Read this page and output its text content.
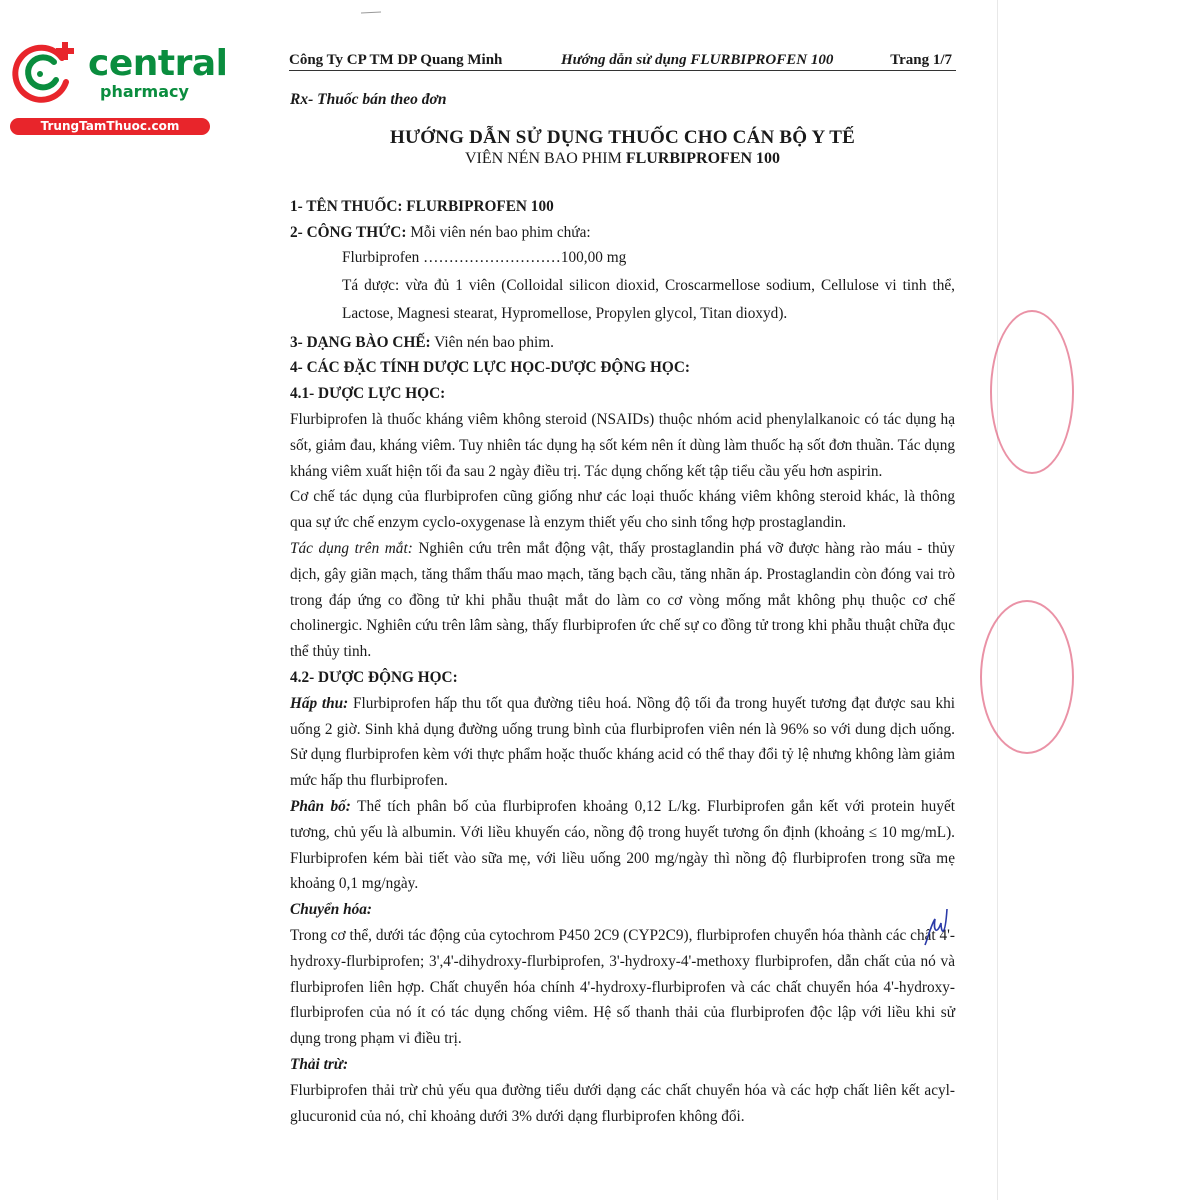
central
pharmacy
TrungTamThuoc.com
Công Ty CP TM DP Quang Minh	Hướng dẫn sử dụng FLURBIPROFEN 100	Trang 1/7
Rx- Thuốc bán theo đơn
HƯỚNG DẪN SỬ DỤNG THUỐC CHO CÁN BỘ Y TẾ
VIÊN NÉN BAO PHIM FLURBIPROFEN 100

1- TÊN THUỐC: FLURBIPROFEN 100

2- CÔNG THỨC: Mỗi viên nén bao phim chứa:

Flurbiprofen ………………………100,00 mg

Tá dược: vừa đủ 1 viên (Colloidal silicon dioxid, Croscarmellose sodium, Cellulose vi tinh thể, Lactose, Magnesi stearat, Hypromellose, Propylen glycol, Titan dioxyd).

3- DẠNG BÀO CHẾ: Viên nén bao phim.

4- CÁC ĐẶC TÍNH DƯỢC LỰC HỌC-DƯỢC ĐỘNG HỌC:

4.1- DƯỢC LỰC HỌC:

Flurbiprofen là thuốc kháng viêm không steroid (NSAIDs) thuộc nhóm acid phenylalkanoic có tác dụng hạ sốt, giảm đau, kháng viêm. Tuy nhiên tác dụng hạ sốt kém nên ít dùng làm thuốc hạ sốt đơn thuần. Tác dụng kháng viêm xuất hiện tối đa sau 2 ngày điều trị. Tác dụng chống kết tập tiểu cầu yếu hơn aspirin.

Cơ chế tác dụng của flurbiprofen cũng giống như các loại thuốc kháng viêm không steroid khác, là thông qua sự ức chế enzym cyclo-oxygenase là enzym thiết yếu cho sinh tổng hợp prostaglandin.

Tác dụng trên mắt: Nghiên cứu trên mắt động vật, thấy prostaglandin phá vỡ được hàng rào máu - thủy dịch, gây giãn mạch, tăng thẩm thấu mao mạch, tăng bạch cầu, tăng nhãn áp. Prostaglandin còn đóng vai trò trong đáp ứng co đồng tử khi phẫu thuật mắt do làm co cơ vòng mống mắt không phụ thuộc cơ chế cholinergic. Nghiên cứu trên lâm sàng, thấy flurbiprofen ức chế sự co đồng tử trong khi phẫu thuật chữa đục thể thủy tinh.

4.2- DƯỢC ĐỘNG HỌC:

Hấp thu: Flurbiprofen hấp thu tốt qua đường tiêu hoá. Nồng độ tối đa trong huyết tương đạt được sau khi uống 2 giờ. Sinh khả dụng đường uống trung bình của flurbiprofen viên nén là 96% so với dung dịch uống. Sử dụng flurbiprofen kèm với thực phẩm hoặc thuốc kháng acid có thể thay đổi tỷ lệ nhưng không làm giảm mức hấp thu flurbiprofen.

Phân bố: Thể tích phân bố của flurbiprofen khoảng 0,12 L/kg. Flurbiprofen gắn kết với protein huyết tương, chủ yếu là albumin. Với liều khuyến cáo, nồng độ trong huyết tương ổn định (khoảng ≤ 10 mg/mL). Flurbiprofen kém bài tiết vào sữa mẹ, với liều uống 200 mg/ngày thì nồng độ flurbiprofen trong sữa mẹ khoảng 0,1 mg/ngày.

Chuyển hóa:

Trong cơ thể, dưới tác động của cytochrom P450 2C9 (CYP2C9), flurbiprofen chuyển hóa thành các chất 4'-hydroxy-flurbiprofen; 3',4'-dihydroxy-flurbiprofen, 3'-hydroxy-4'-methoxy flurbiprofen, dẫn chất của nó và flurbiprofen liên hợp. Chất chuyển hóa chính 4'-hydroxy-flurbiprofen và các chất chuyển hóa 4'-hydroxy-flurbiprofen của nó ít có tác dụng chống viêm. Hệ số thanh thải của flurbiprofen độc lập với liều khi sử dụng trong phạm vi điều trị.

Thải trừ:

Flurbiprofen thải trừ chủ yếu qua đường tiểu dưới dạng các chất chuyển hóa và các hợp chất liên kết acyl-glucuronid của nó, chỉ khoảng dưới 3% dưới dạng flurbiprofen không đổi.
